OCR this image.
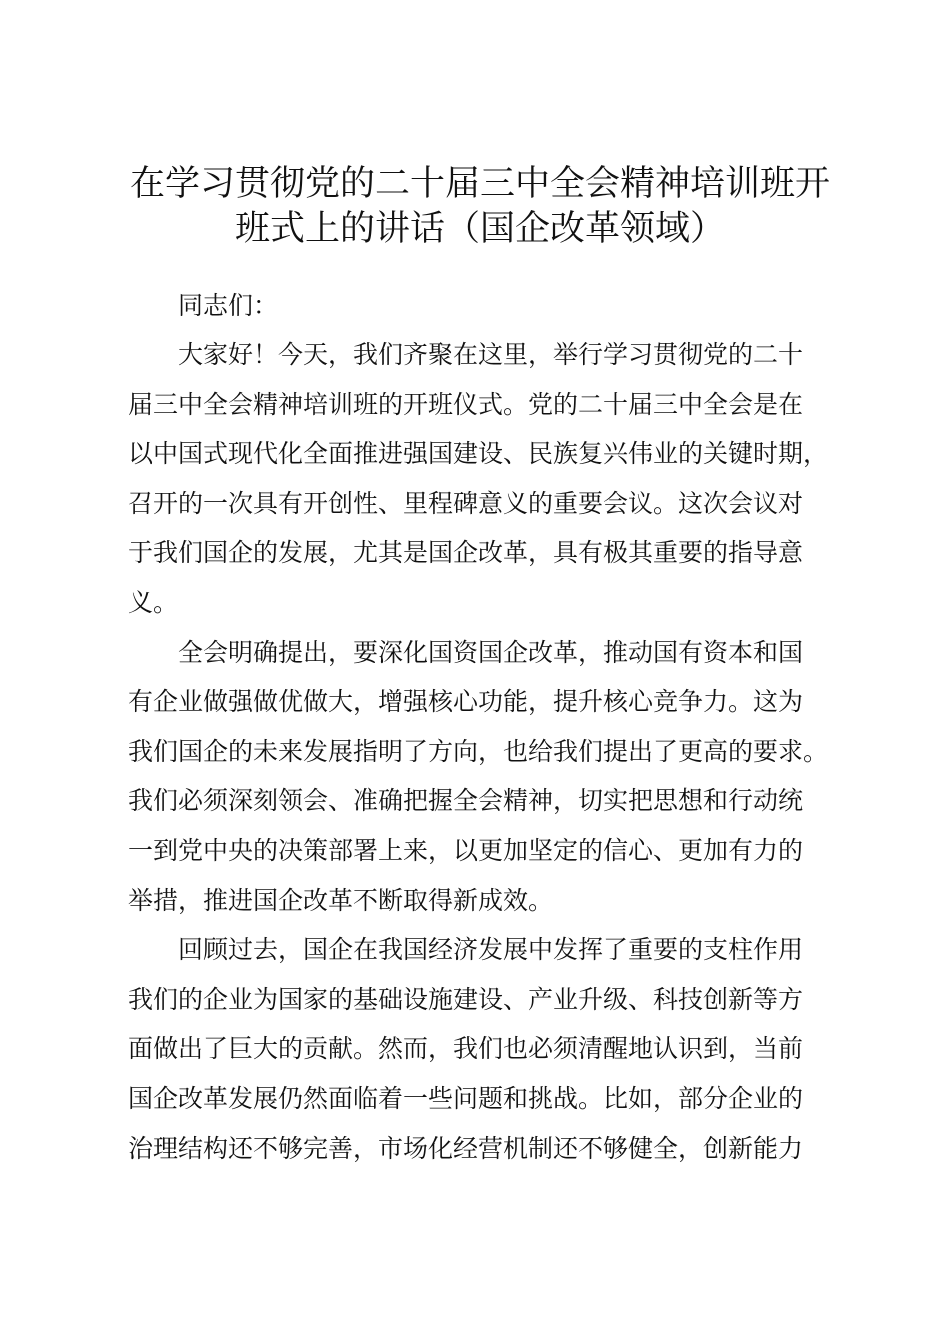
在学习贯彻党的二十届三中全会精神培训班开
班式上的讲话（国企改革领域）
同志们：
大家好！今天，我们齐聚在这里，举行学习贯彻党的二十
届三中全会精神培训班的开班仪式。党的二十届三中全会是在
以中国式现代化全面推进强国建设、民族复兴伟业的关键时期，
召开的一次具有开创性、里程碑意义的重要会议。这次会议对
于我们国企的发展，尤其是国企改革，具有极其重要的指导意
义。
全会明确提出，要深化国资国企改革，推动国有资本和国
有企业做强做优做大，增强核心功能，提升核心竞争力。这为
我们国企的未来发展指明了方向，也给我们提出了更高的要求。
我们必须深刻领会、准确把握全会精神，切实把思想和行动统
一到党中央的决策部署上来，以更加坚定的信心、更加有力的
举措，推进国企改革不断取得新成效。
回顾过去，国企在我国经济发展中发挥了重要的支柱作用
我们的企业为国家的基础设施建设、产业升级、科技创新等方
面做出了巨大的贡献。然而，我们也必须清醒地认识到，当前
国企改革发展仍然面临着一些问题和挑战。比如，部分企业的
治理结构还不够完善，市场化经营机制还不够健全，创新能力
